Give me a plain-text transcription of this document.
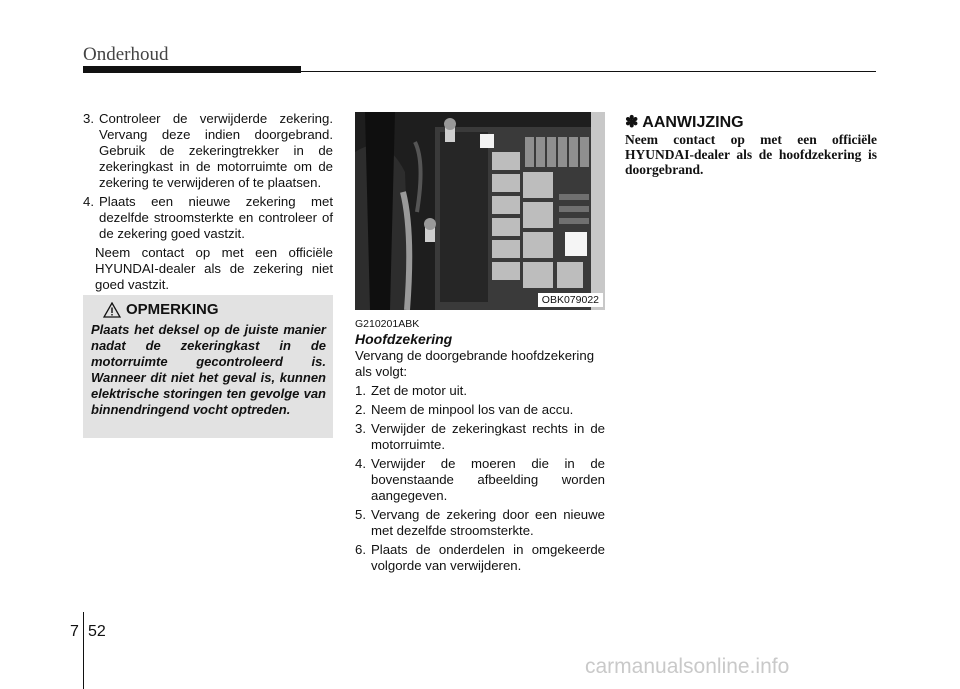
Onderhoud

3. Controleer de verwijderde zekering. Vervang deze indien doorgebrand. Gebruik de zekeringtrekker in de zekeringkast in de motorruimte om de zekering te verwijderen of te plaatsen.

4. Plaats een nieuwe zekering met dezelfde stroomsterkte en controleer of de zekering goed vastzit.

Neem contact op met een officiële HYUNDAI-dealer als de zekering niet goed vastzit.

OPMERKING
Plaats het deksel op de juiste manier nadat de zekeringkast in de motorruimte gecontroleerd is. Wanneer dit niet het geval is, kunnen elektrische storingen ten gevolge van binnendringend vocht optreden.
OBK079022
G210201ABK
Hoofdzekering

Vervang de doorgebrande hoofdzekering als volgt:

1. Zet de motor uit.

2. Neem de minpool los van de accu.

3. Verwijder de zekeringkast rechts in de motorruimte.

4. Verwijder de moeren die in de bovenstaande afbeelding worden aangegeven.

5. Vervang de zekering door een nieuwe met dezelfde stroomsterkte.

6. Plaats de onderdelen in omgekeerde volgorde van verwijderen.

✽ AANWIJZING
Neem contact op met een officiële HYUNDAI-dealer als de hoofdzekering is doorgebrand.
7 52
carmanualsonline.info
